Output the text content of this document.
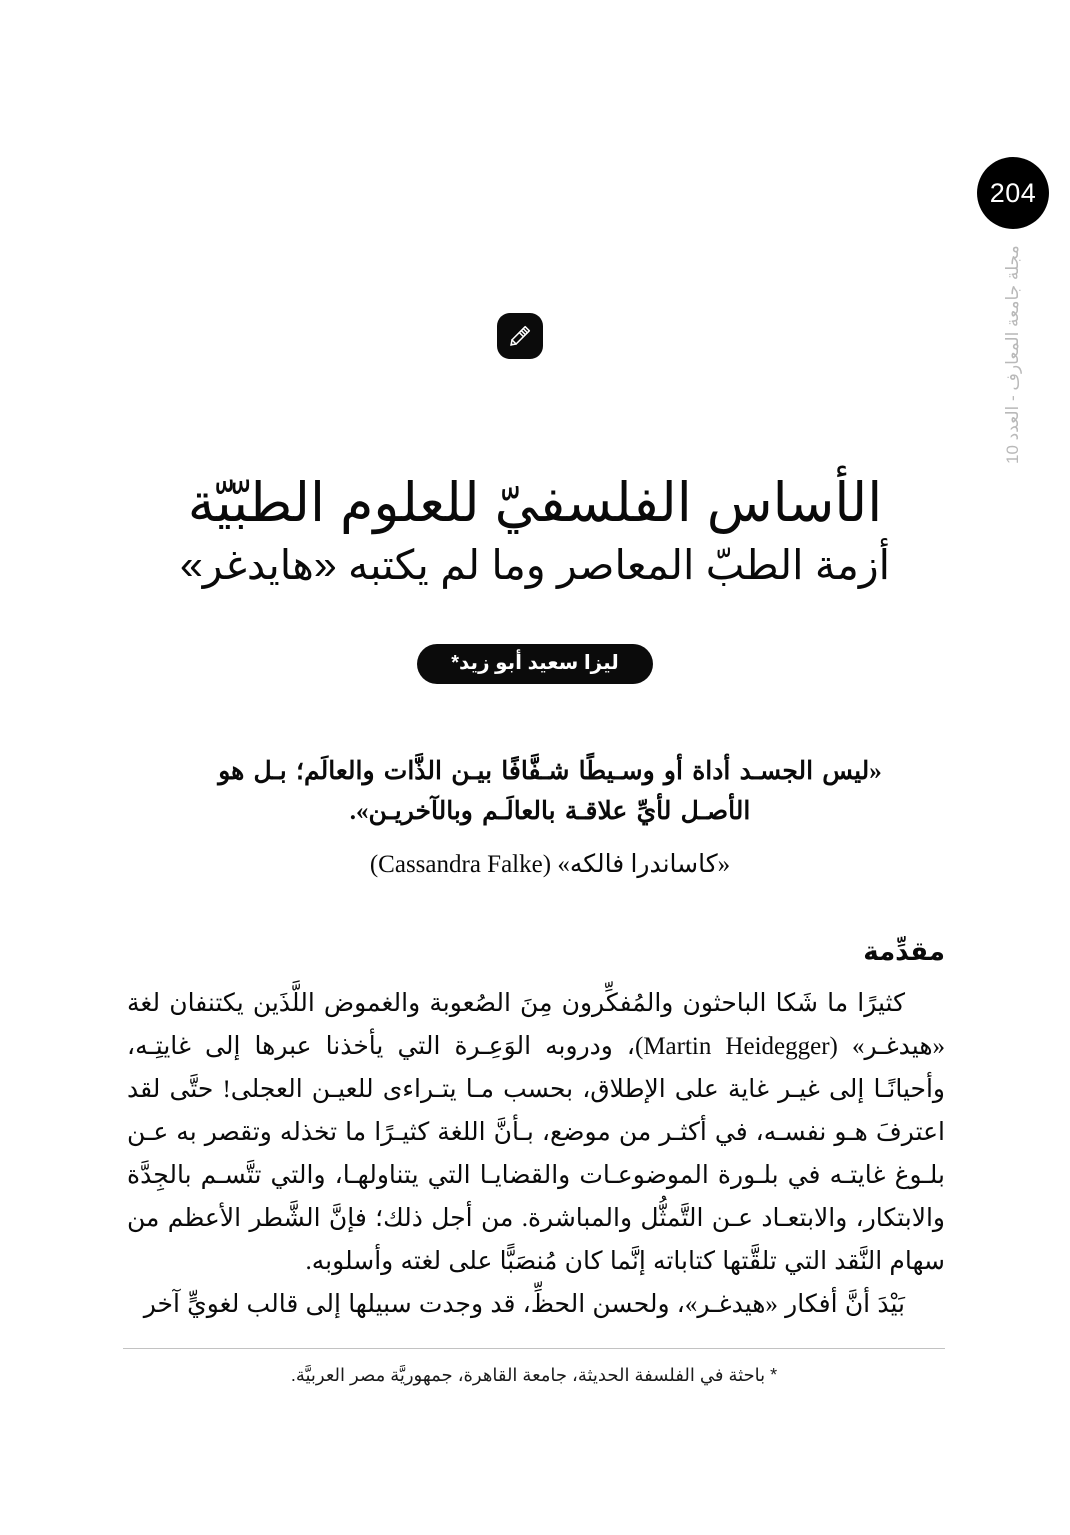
204
مجلة جامعة المعارف - العدد 10
الأساس الفلسفيّ للعلوم الطبّيّة
أزمة الطبّ المعاصر وما لم يكتبه «هايدغر»
ليزا سعيد أبو زيد*
«ليس الجسـد أداة أو وسـيطًا شـفَّافًا بيـن الذَّات والعالَم؛ بـل هو الأصـل لأيِّ علاقـة بالعالَـم وبالآخريـن».
«كاساندرا فالكه» (Cassandra Falke)
مقدِّمة

كثيرًا ما شَكا الباحثون والمُفكِّرون مِنَ الصُعوبة والغموض اللَّذَين يكتنفان لغة «هيدغـر» (Martin Heidegger)، ودروبه الوَعِـرة التي يأخذنا عبرها إلى غايتِـه، وأحيانًـا إلى غيـر غاية على الإطلاق، بحسب مـا يتـراءى للعيـن العجلى! حتَّى لقد اعترفَ هـو نفسـه، في أكثـر من موضع، بـأنَّ اللغة كثيـرًا ما تخذله وتقصر به عـن بلـوغ غايتـه في بلـورة الموضوعـات والقضايـا التي يتناولهـا، والتي تتَّسـم بالجِدَّة والابتكار، والابتعـاد عـن التَّمثُّل والمباشرة. من أجل ذلك؛ فإنَّ الشَّطر الأعظم من سهام النَّقد التي تلقَّتها كتاباته إنَّما كان مُنصَبًّا على لغته وأسلوبه.

بَيْدَ أنَّ أفكار «هيدغـر»، ولحسن الحظِّ، قد وجدت سبيلها إلى قالب لغويٍّ آخر

* باحثة في الفلسفة الحديثة، جامعة القاهرة، جمهوريَّة مصر العربيَّة.
